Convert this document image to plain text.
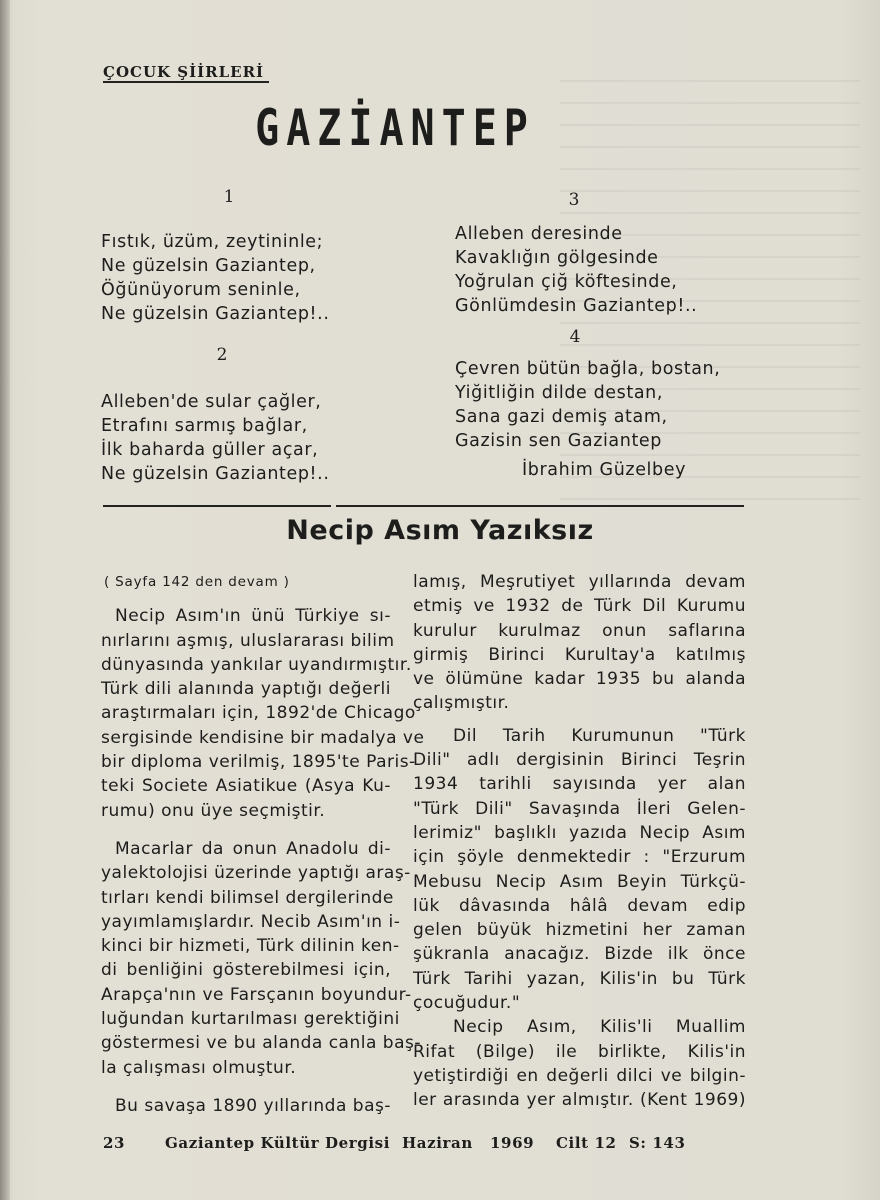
ÇOCUK ŞİİRLERİ
GAZİANTEP
1
Fıstık, üzüm, zeytininle;
Ne güzelsin Gaziantep,
Öğünüyorum seninle,
Ne güzelsin Gaziantep!..
2
Alleben'de sular çağler,
Etrafını sarmış bağlar,
İlk baharda güller açar,
Ne güzelsin Gaziantep!..
3
Alleben deresinde
Kavaklığın gölgesinde
Yoğrulan çiğ köftesinde,
Gönlümdesin Gaziantep!..
4
Çevren bütün bağla, bostan,
Yiğitliğin dilde destan,
Sana gazi demiş atam,
Gazisin sen Gaziantep
İbrahim Güzelbey
Necip Asım Yazıksız
( Sayfa 142 den devam )
Necip Asım'ın ünü Türkiye sı-
nırlarını aşmış, uluslararası bilim
dünyasında yankılar uyandırmıştır.
Türk dili alanında yaptığı değerli
araştırmaları için, 1892'de Chicago
sergisinde kendisine bir madalya ve
bir diploma verilmiş, 1895'te Paris-
teki Societe Asiatikue (Asya Ku-
rumu) onu üye seçmiştir.
Macarlar da onun Anadolu di-
yalektolojisi üzerinde yaptığı araş-
tırları kendi bilimsel dergilerinde
yayımlamışlardır. Necib Asım'ın i-
kinci bir hizmeti, Türk dilinin ken-
di benliğini gösterebilmesi için,
Arapça'nın ve Farsçanın boyundur-
luğundan kurtarılması gerektiğini
göstermesi ve bu alanda canla baş-
la çalışması olmuştur.
Bu savaşa 1890 yıllarında baş-
lamış, Meşrutiyet yıllarında devam
etmiş ve 1932 de Türk Dil Kurumu
kurulur kurulmaz onun saflarına
girmiş Birinci Kurultay'a katılmış
ve ölümüne kadar 1935 bu alanda
çalışmıştır.
Dil Tarih Kurumunun "Türk
Dili" adlı dergisinin Birinci Teşrin
1934 tarihli sayısında yer alan
"Türk Dili" Savaşında İleri Gelen-
lerimiz" başlıklı yazıda Necip Asım
için şöyle denmektedir : "Erzurum
Mebusu Necip Asım Beyin Türkçü-
lük dâvasında hâlâ devam edip
gelen büyük hizmetini her zaman
şükranla anacağız. Bizde ilk önce
Türk Tarihi yazan, Kilis'in bu Türk
çocuğudur."
Necip Asım, Kilis'li Muallim
Rifat (Bilge) ile birlikte, Kilis'in
yetiştirdiği en değerli dilci ve bilgin-
ler arasında yer almıştır. (Kent 1969)
23	Gaziantep Kültür Dergisi Haziran 1969 Cilt 12 S: 143
